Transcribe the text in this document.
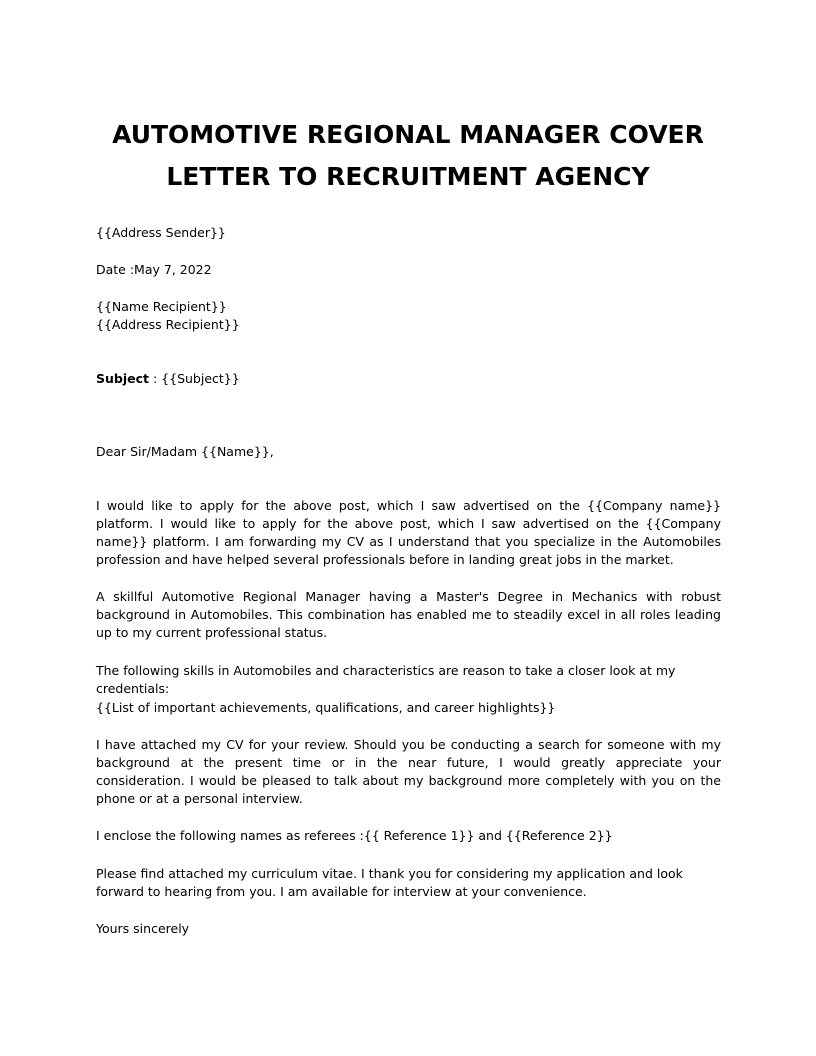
AUTOMOTIVE REGIONAL MANAGER COVER LETTER TO RECRUITMENT AGENCY

{{Address Sender}}

Date :May 7, 2022

{{Name Recipient}}

{{Address Recipient}}

Subject : {{Subject}}

Dear Sir/Madam {{Name}},

I would like to apply for the above post, which I saw advertised on the {{Company name}} platform. I would like to apply for the above post, which I saw advertised on the {{Company name}} platform. I am forwarding my CV as I understand that you specialize in the Automobiles profession and have helped several professionals before in landing great jobs in the market.

A skillful Automotive Regional Manager having a Master's Degree in Mechanics with robust background in Automobiles. This combination has enabled me to steadily excel in all roles leading up to my current professional status.

The following skills in Automobiles and characteristics are reason to take a closer look at my credentials:

{{List of important achievements, qualifications, and career highlights}}

I have attached my CV for your review. Should you be conducting a search for someone with my background at the present time or in the near future, I would greatly appreciate your consideration. I would be pleased to talk about my background more completely with you on the phone or at a personal interview.

I enclose the following names as referees :{{ Reference 1}} and {{Reference 2}}

Please find attached my curriculum vitae. I thank you for considering my application and look forward to hearing from you. I am available for interview at your convenience.

Yours sincerely
